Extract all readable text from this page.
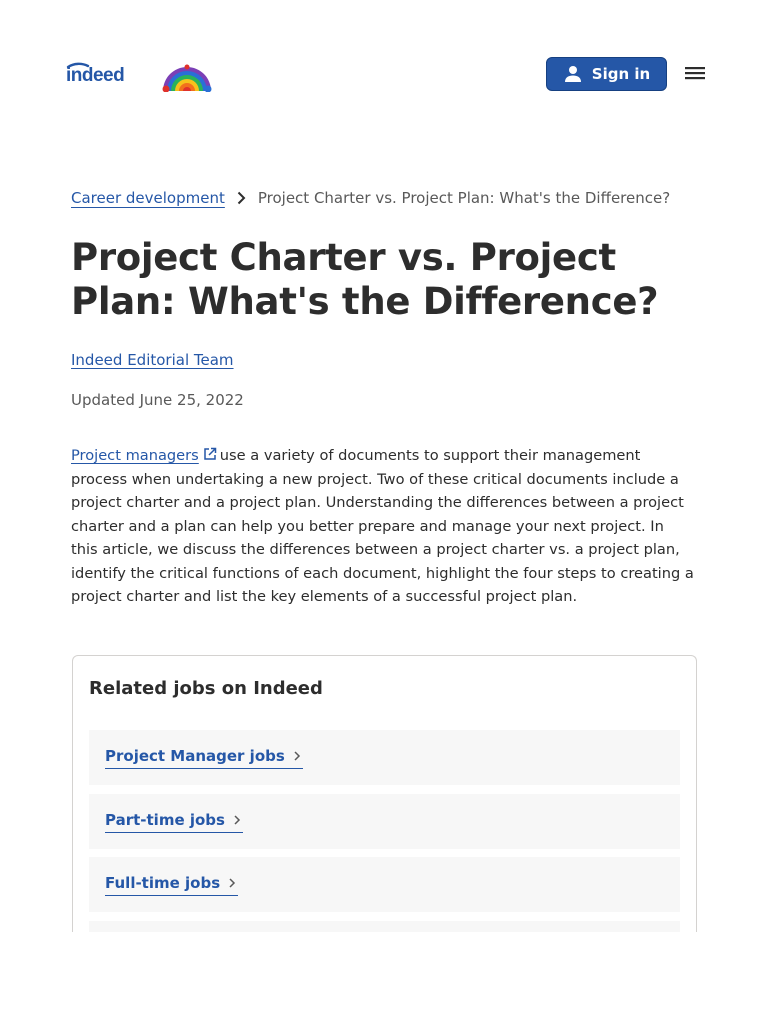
indeed	Sign in
Career development Project Charter vs. Project Plan: What's the Difference?
Project Charter vs. Project Plan: What's the Difference?
Indeed Editorial Team
Updated June 25, 2022

Project managers use a variety of documents to support their management process when undertaking a new project. Two of these critical documents include a project charter and a project plan. Understanding the differences between a project charter and a plan can help you better prepare and manage your next project. In this article, we discuss the differences between a project charter vs. a project plan, identify the critical functions of each document, highlight the four steps to creating a project charter and list the key elements of a successful project plan.

Related jobs on Indeed
Project Manager jobs
Part-time jobs
Full-time jobs
